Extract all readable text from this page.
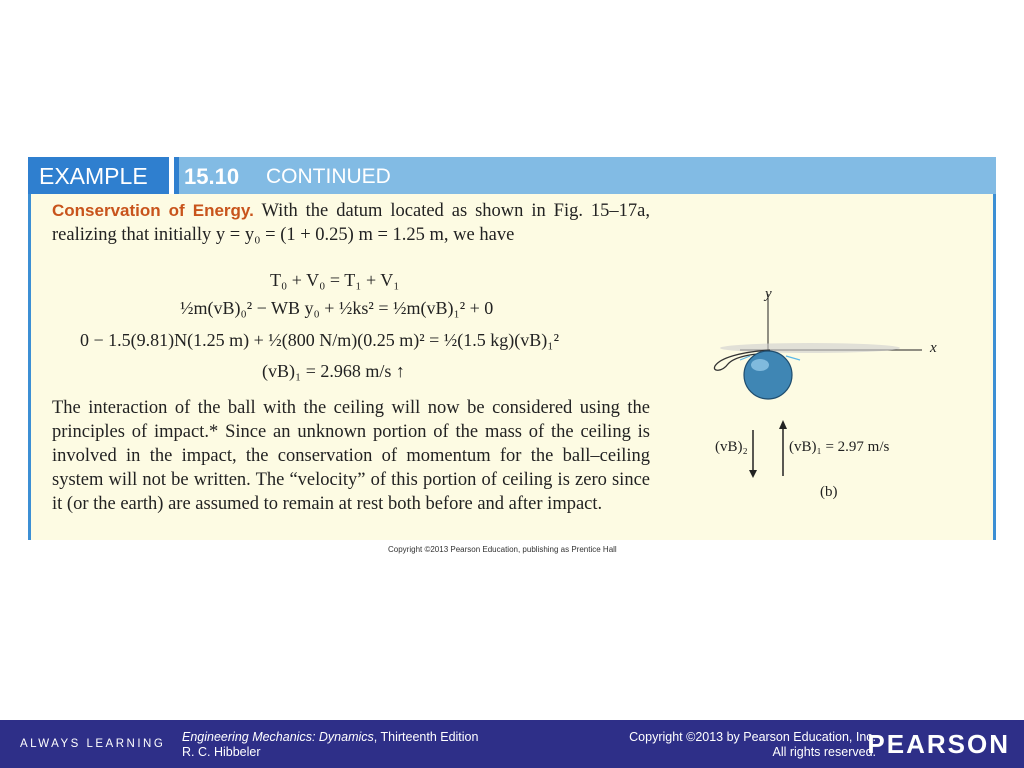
EXAMPLE	15.10 CONTINUED
Conservation of Energy. With the datum located as shown in Fig. 15–17a, realizing that initially y = y₀ = (1 + 0.25) m = 1.25 m, we have
T₀ + V₀ = T₁ + V₁
½m(vB)₀² − WB y₀ + ½ks² = ½m(vB)₁² + 0
0 − 1.5(9.81)N(1.25 m) + ½(800 N/m)(0.25 m)² = ½(1.5 kg)(vB)₁²
(vB)₁ = 2.968 m/s ↑
The interaction of the ball with the ceiling will now be considered using the principles of impact.* Since an unknown portion of the mass of the ceiling is involved in the impact, the conservation of momentum for the ball–ceiling system will not be written. The “velocity” of this portion of ceiling is zero since it (or the earth) are assumed to remain at rest both before and after impact.
y
x
(vB)₂	(vB)₁ = 2.97 m/s
(b)
Copyright ©2013 Pearson Education, publishing as Prentice Hall
ALWAYS LEARNING Engineering Mechanics: Dynamics, Thirteenth Edition
R. C. Hibbeler
Copyright ©2013 by Pearson Education, Inc.
All rights reserved.
PEARSON
